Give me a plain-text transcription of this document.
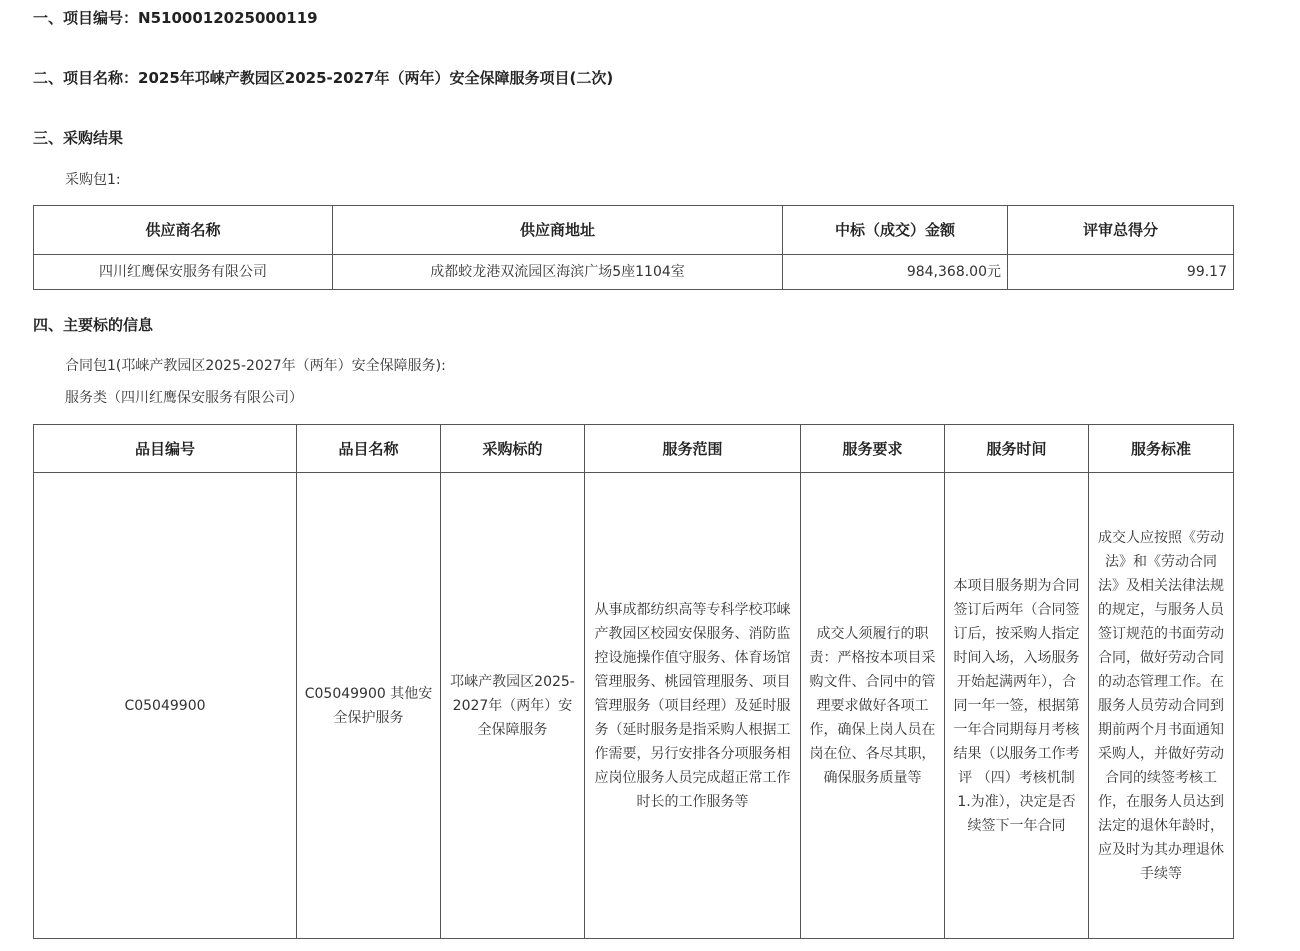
一、项目编号：N5100012025000119
二、项目名称：2025年邛崃产教园区2025-2027年（两年）安全保障服务项目(二次)
三、采购结果
采购包1:
供应商名称	供应商地址	中标（成交）金额	评审总得分
四川红鹰保安服务有限公司	成都蛟龙港双流园区海滨广场5座1104室	984,368.00元	99.17
四、主要标的信息
合同包1(邛崃产教园区2025-2027年（两年）安全保障服务):
服务类（四川红鹰保安服务有限公司）
品目编号	品目名称	采购标的	服务范围	服务要求	服务时间	服务标准
C05049900	C05049900 其他安全保护服务	邛崃产教园区2025-2027年（两年）安全保障服务	从事成都纺织高等专科学校邛崃产教园区校园安保服务、消防监控设施操作值守服务、体育场馆管理服务、桃园管理服务、项目管理服务（项目经理）及延时服务（延时服务是指采购人根据工作需要，另行安排各分项服务相应岗位服务人员完成超正常工作时长的工作服务等	成交人须履行的职责：严格按本项目采购文件、合同中的管理要求做好各项工作，确保上岗人员在岗在位、各尽其职，确保服务质量等	本项目服务期为合同签订后两年（合同签订后，按采购人指定时间入场，入场服务开始起满两年），合同一年一签，根据第一年合同期每月考核结果（以服务工作考评 （四）考核机制 1.为准），决定是否续签下一年合同	成交人应按照《劳动法》和《劳动合同法》及相关法律法规的规定，与服务人员签订规范的书面劳动合同，做好劳动合同的动态管理工作。在服务人员劳动合同到期前两个月书面通知采购人，并做好劳动合同的续签考核工作，在服务人员达到法定的退休年龄时，应及时为其办理退休手续等
